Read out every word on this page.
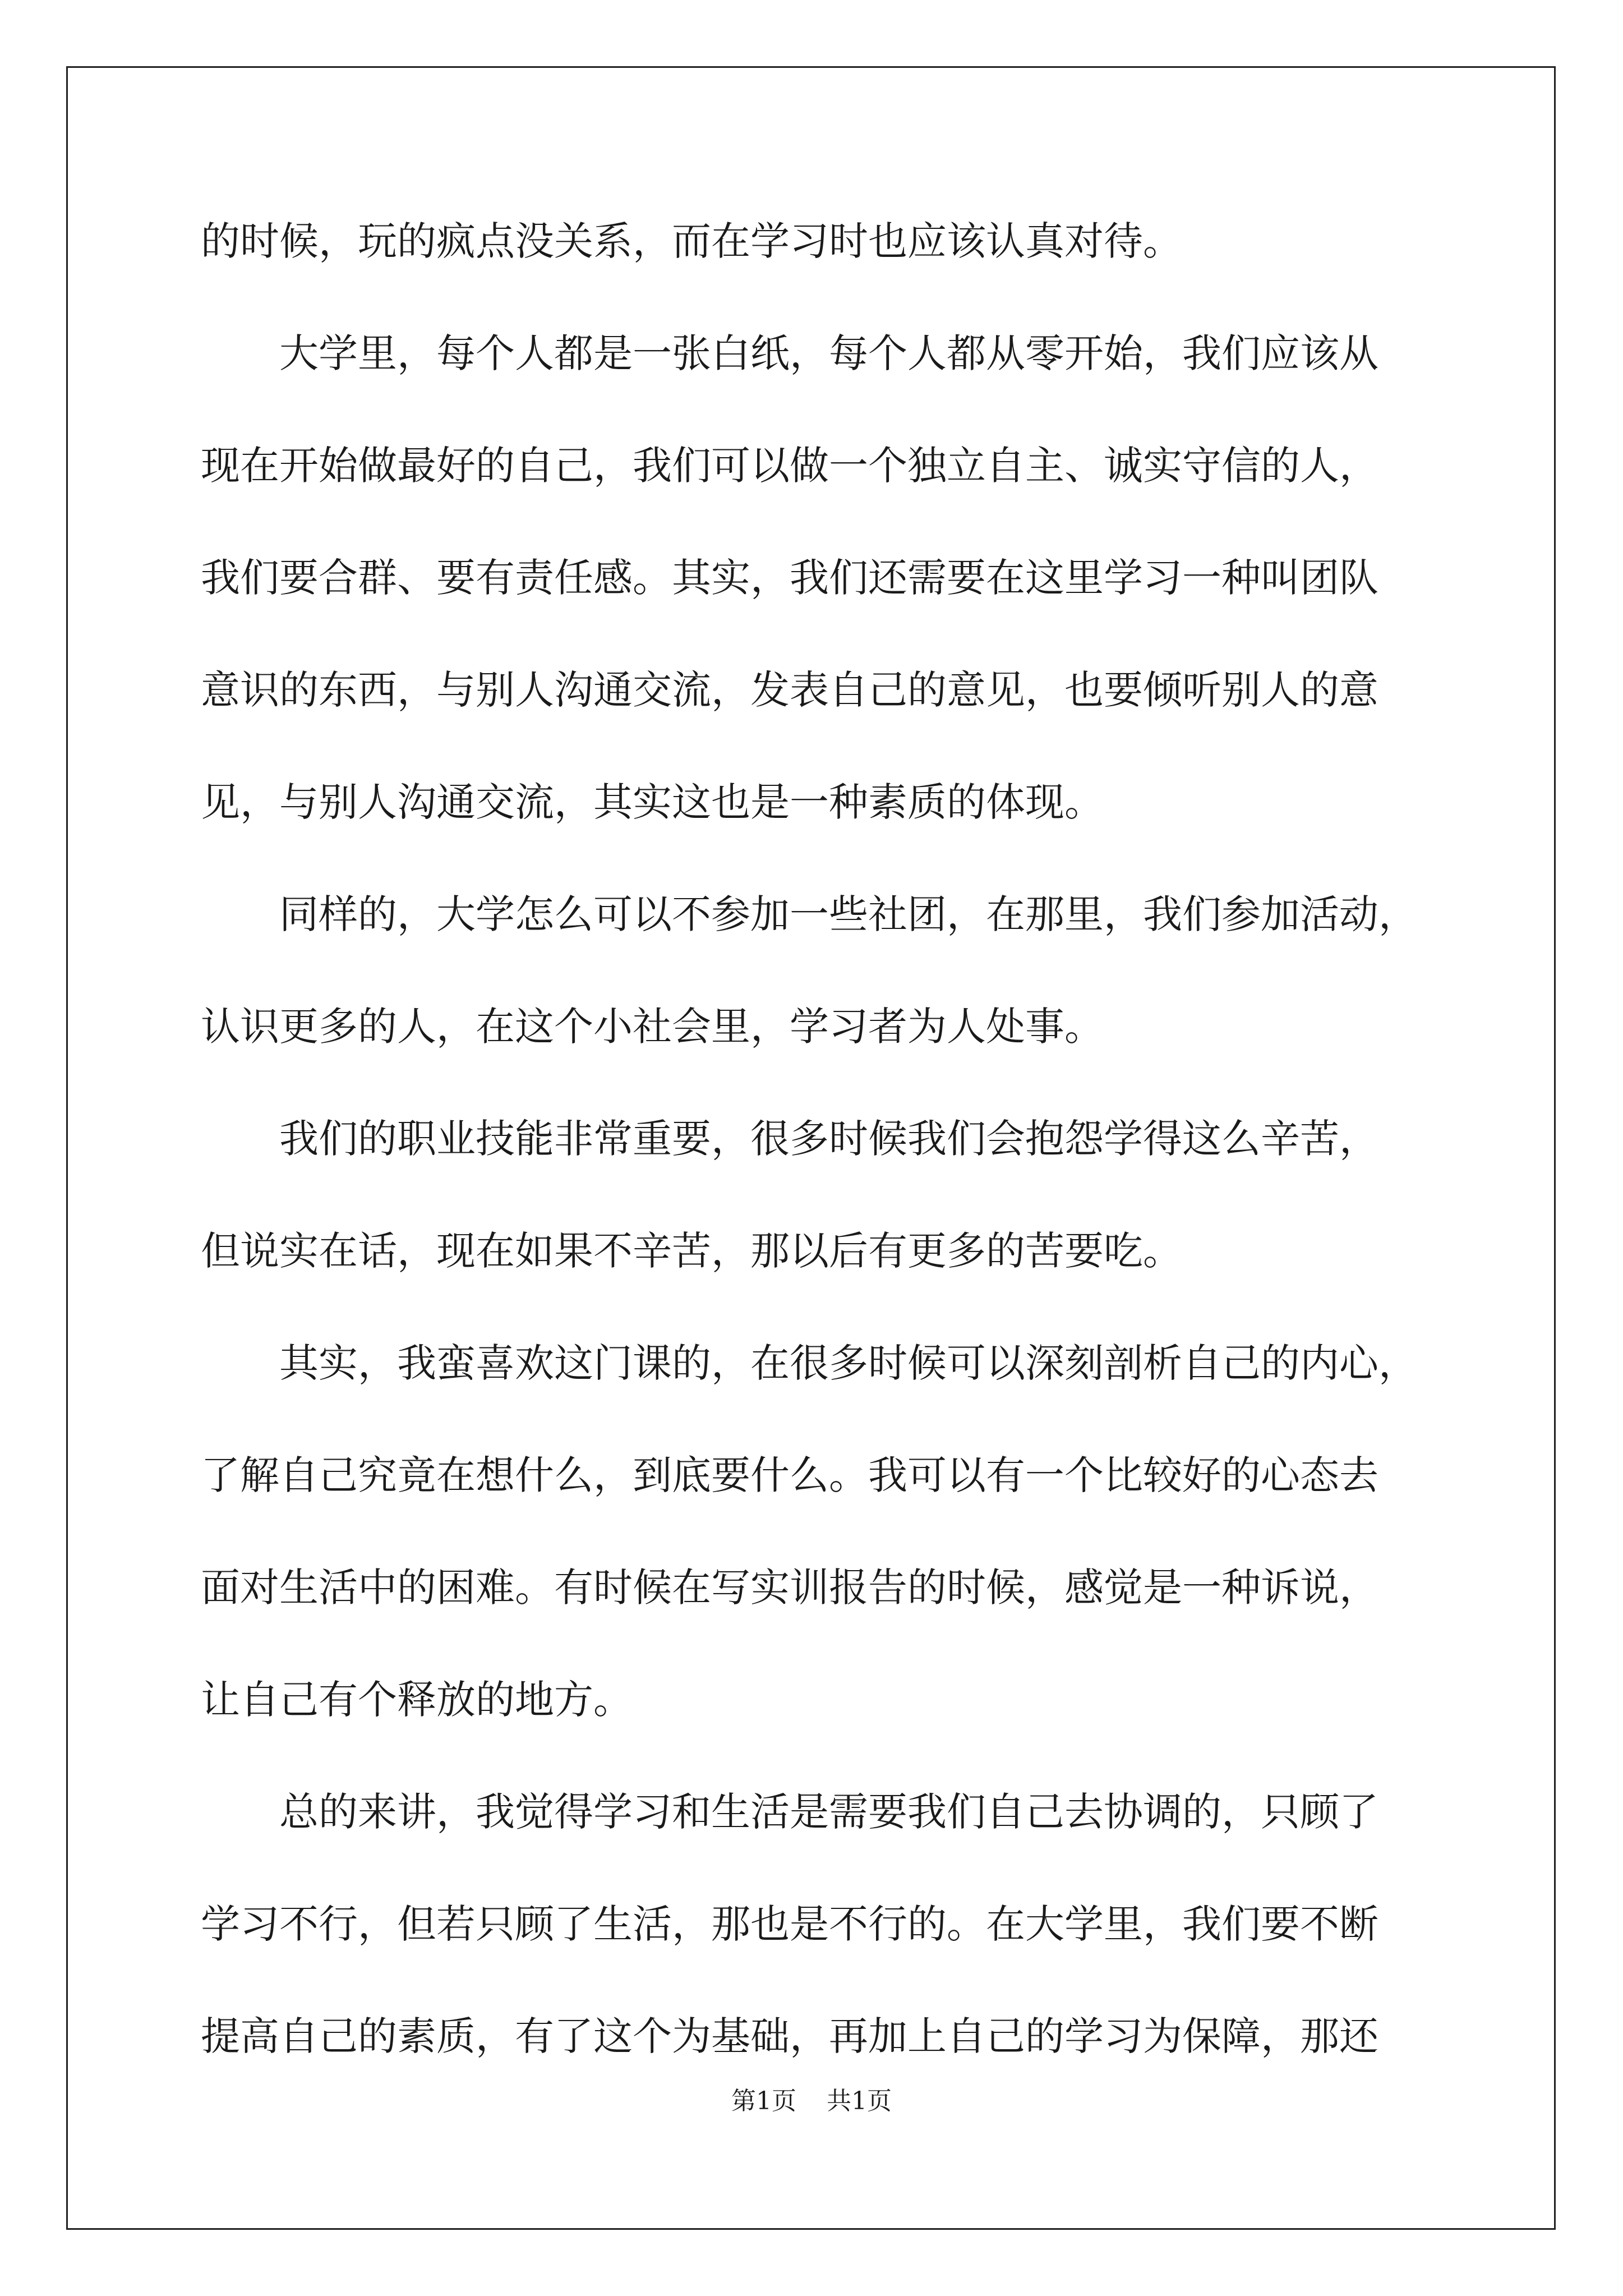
的时候，玩的疯点没关系，而在学习时也应该认真对待。
　　大学里，每个人都是一张白纸，每个人都从零开始，我们应该从
现在开始做最好的自己，我们可以做一个独立自主、诚实守信的人，
我们要合群、要有责任感。其实，我们还需要在这里学习一种叫团队
意识的东西，与别人沟通交流，发表自己的意见，也要倾听别人的意
见，与别人沟通交流，其实这也是一种素质的体现。
　　同样的，大学怎么可以不参加一些社团，在那里，我们参加活动，
认识更多的人，在这个小社会里，学习者为人处事。
　　我们的职业技能非常重要，很多时候我们会抱怨学得这么辛苦，
但说实在话，现在如果不辛苦，那以后有更多的苦要吃。
　　其实，我蛮喜欢这门课的，在很多时候可以深刻剖析自己的内心，
了解自己究竟在想什么，到底要什么。我可以有一个比较好的心态去
面对生活中的困难。有时候在写实训报告的时候，感觉是一种诉说，
让自己有个释放的地方。
　　总的来讲，我觉得学习和生活是需要我们自己去协调的，只顾了
学习不行，但若只顾了生活，那也是不行的。在大学里，我们要不断
提高自己的素质，有了这个为基础，再加上自己的学习为保障，那还
第1页 共1页
